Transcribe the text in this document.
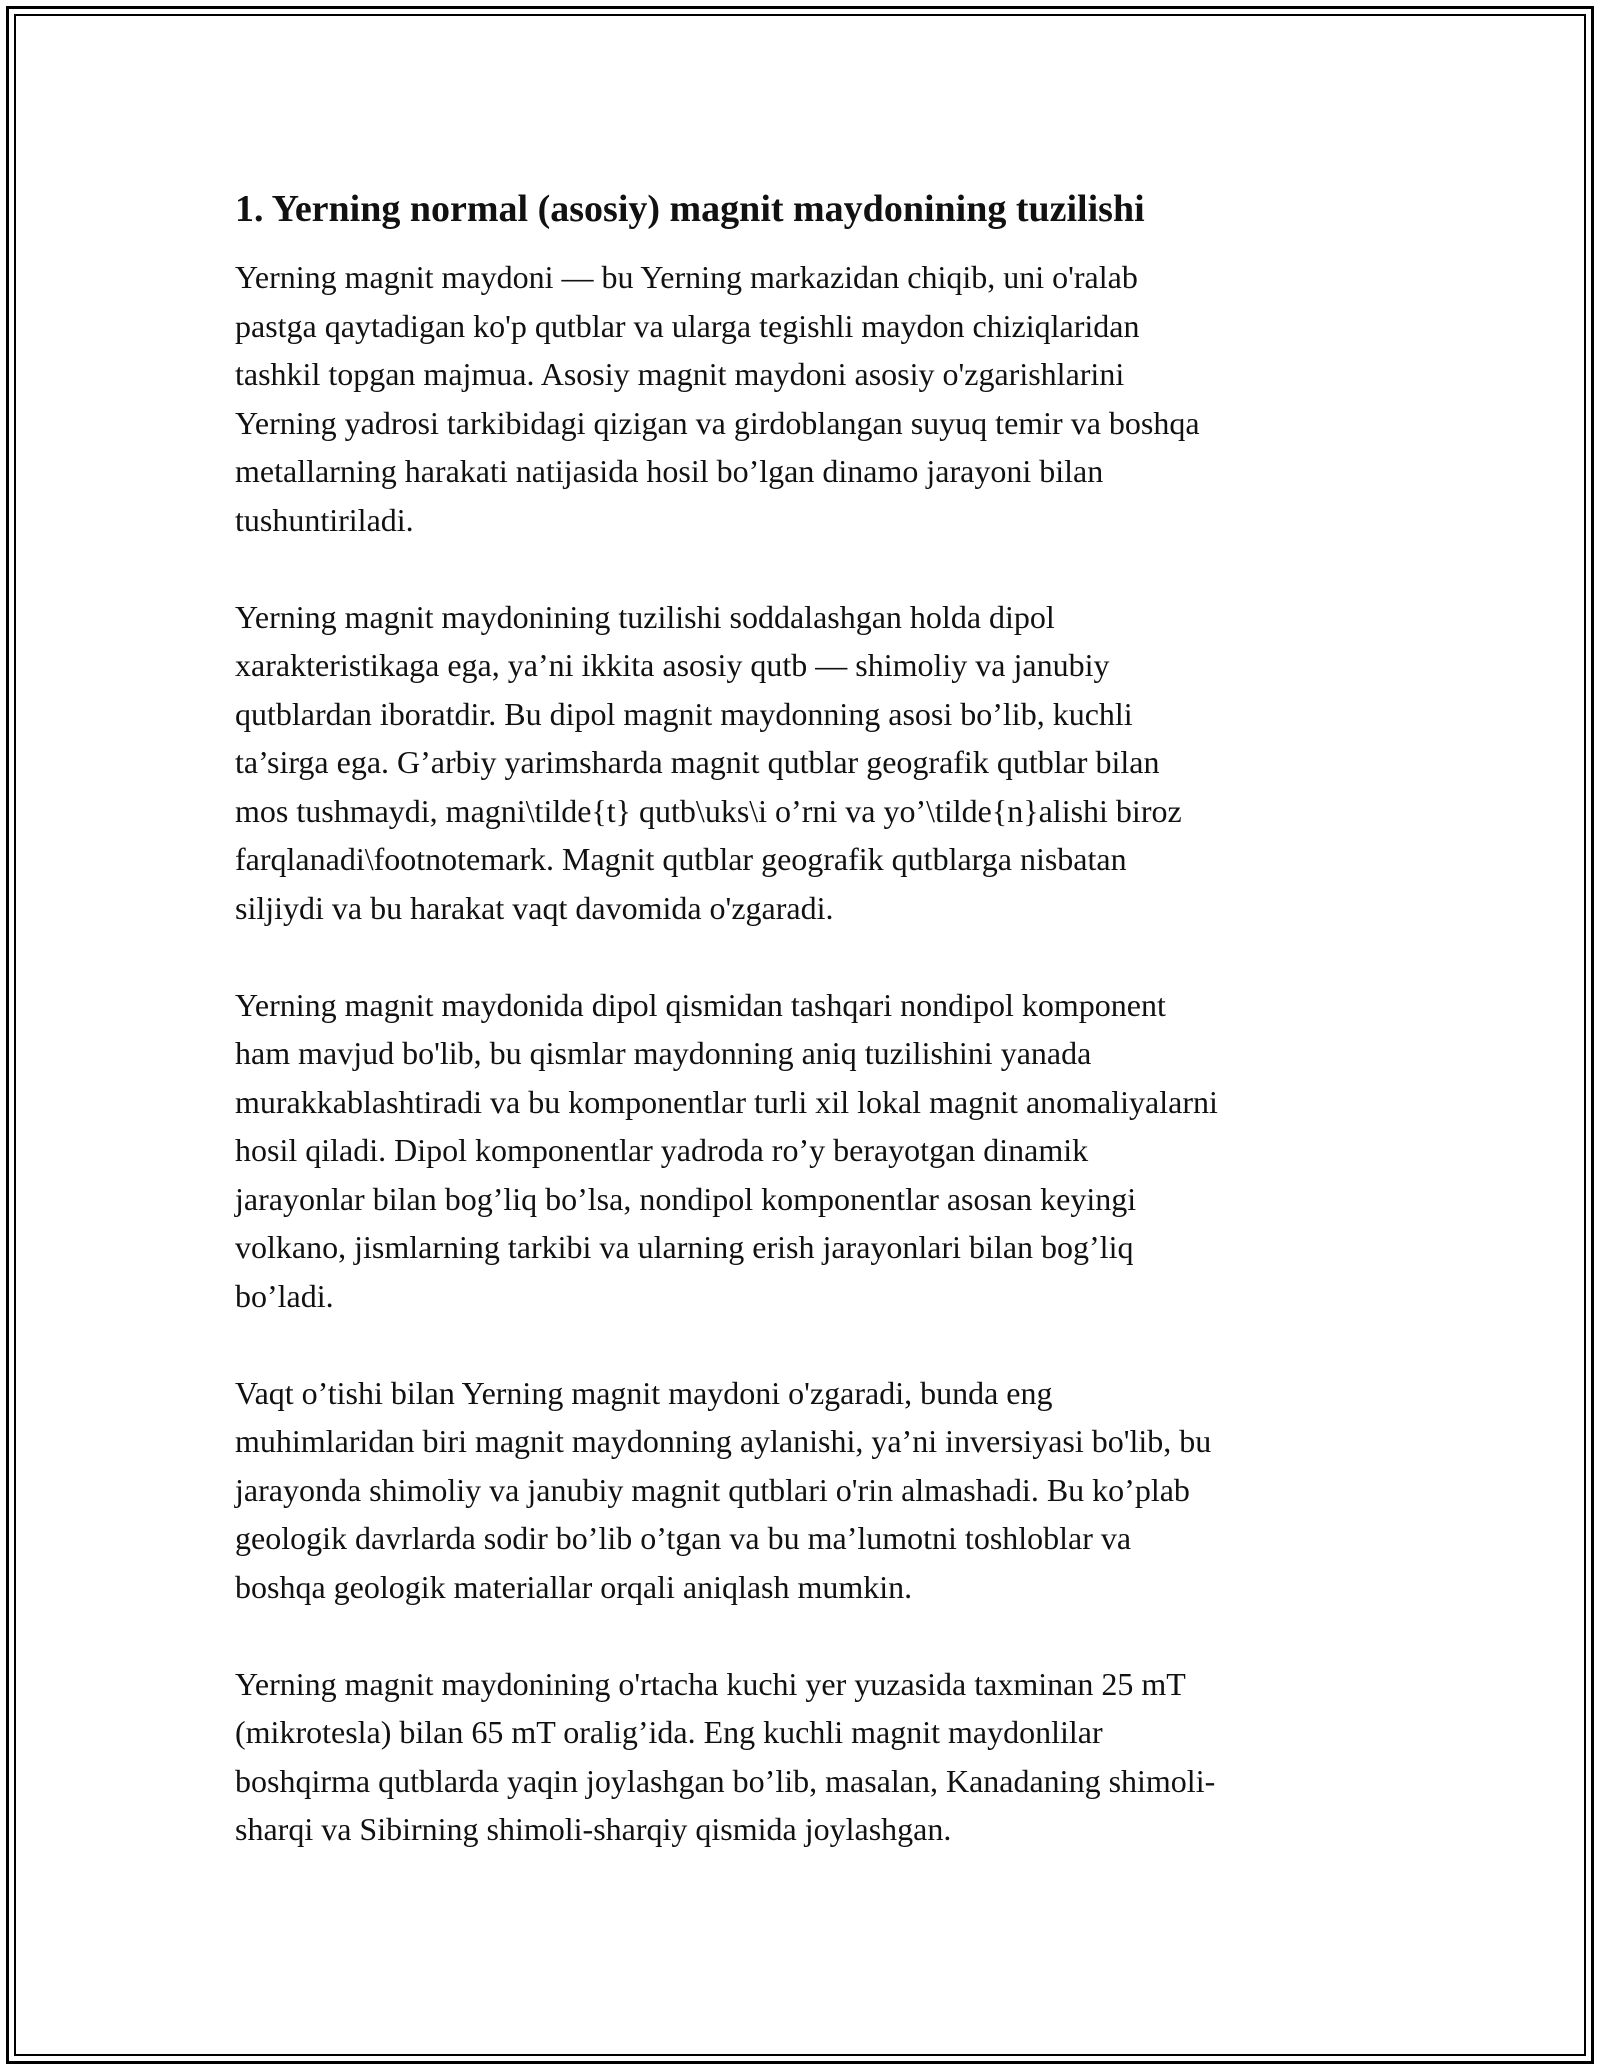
1. Yerning normal (asosiy) magnit maydonining tuzilishi

Yerning magnit maydoni — bu Yerning markazidan chiqib, uni o'ralab
pastga qaytadigan ko'p qutblar va ularga tegishli maydon chiziqlaridan
tashkil topgan majmua. Asosiy magnit maydoni asosiy o'zgarishlarini
Yerning yadrosi tarkibidagi qizigan va girdoblangan suyuq temir va boshqa
metallarning harakati natijasida hosil bo’lgan dinamo jarayoni bilan
tushuntiriladi.

Yerning magnit maydonining tuzilishi soddalashgan holda dipol
xarakteristikaga ega, ya’ni ikkita asosiy qutb — shimoliy va janubiy
qutblardan iboratdir. Bu dipol magnit maydonning asosi bo’lib, kuchli
ta’sirga ega. G’arbiy yarimsharda magnit qutblar geografik qutblar bilan
mos tushmaydi, magni\tilde{t} qutb\uks\i o’rni va yo’\tilde{n}alishi biroz
farqlanadi\footnotemark. Magnit qutblar geografik qutblarga nisbatan
siljiydi va bu harakat vaqt davomida o'zgaradi.

Yerning magnit maydonida dipol qismidan tashqari nondipol komponent
ham mavjud bo'lib, bu qismlar maydonning aniq tuzilishini yanada
murakkablashtiradi va bu komponentlar turli xil lokal magnit anomaliyalarni
hosil qiladi. Dipol komponentlar yadroda ro’y berayotgan dinamik
jarayonlar bilan bog’liq bo’lsa, nondipol komponentlar asosan keyingi
volkano, jismlarning tarkibi va ularning erish jarayonlari bilan bog’liq
bo’ladi.

Vaqt o’tishi bilan Yerning magnit maydoni o'zgaradi, bunda eng
muhimlaridan biri magnit maydonning aylanishi, ya’ni inversiyasi bo'lib, bu
jarayonda shimoliy va janubiy magnit qutblari o'rin almashadi. Bu ko’plab
geologik davrlarda sodir bo’lib o’tgan va bu ma’lumotni toshloblar va
boshqa geologik materiallar orqali aniqlash mumkin.

Yerning magnit maydonining o'rtacha kuchi yer yuzasida taxminan 25 mT
(mikrotesla) bilan 65 mT oralig’ida. Eng kuchli magnit maydonlilar
boshqirma qutblarda yaqin joylashgan bo’lib, masalan, Kanadaning shimoli-
sharqi va Sibirning shimoli-sharqiy qismida joylashgan.
